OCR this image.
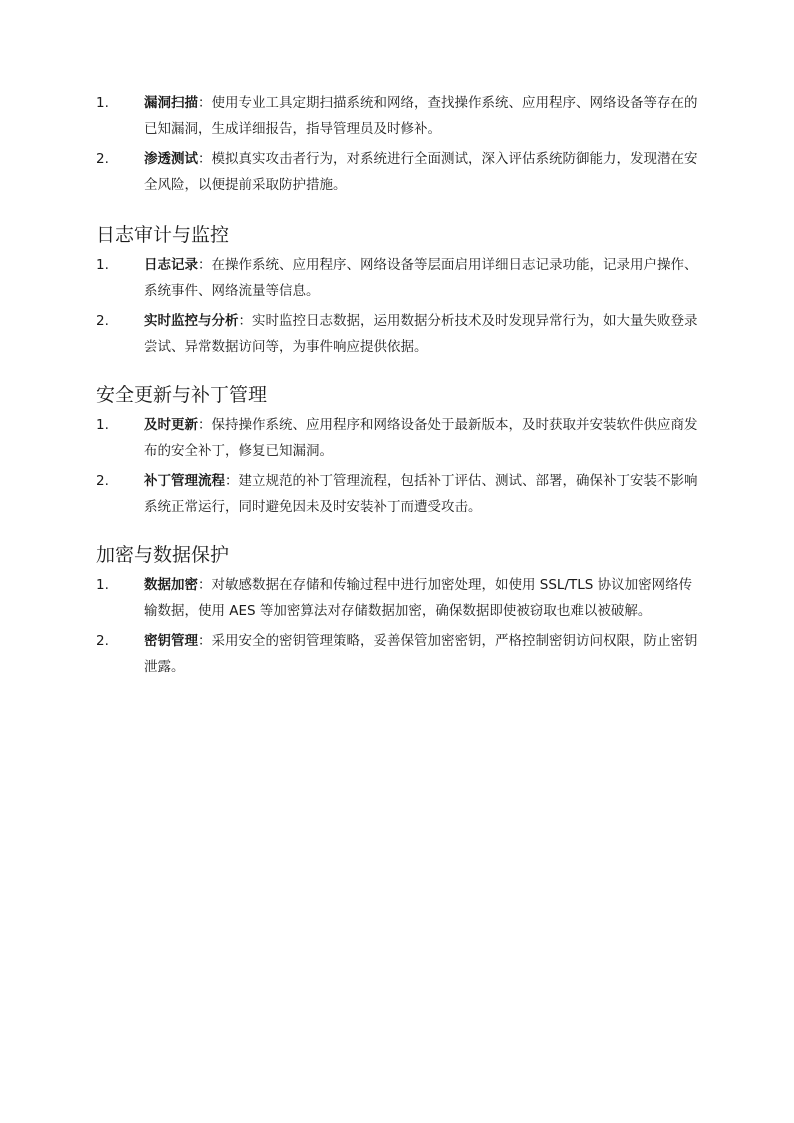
1.	漏洞扫描：使用专业工具定期扫描系统和网络，查找操作系统、应用程序、网络设备等存在的已知漏洞，生成详细报告，指导管理员及时修补。
2.	渗透测试：模拟真实攻击者行为，对系统进行全面测试，深入评估系统防御能力，发现潜在安全风险，以便提前采取防护措施。
日志审计与监控
1.	日志记录：在操作系统、应用程序、网络设备等层面启用详细日志记录功能，记录用户操作、系统事件、网络流量等信息。
2.	实时监控与分析：实时监控日志数据，运用数据分析技术及时发现异常行为，如大量失败登录尝试、异常数据访问等，为事件响应提供依据。
安全更新与补丁管理
1.	及时更新：保持操作系统、应用程序和网络设备处于最新版本，及时获取并安装软件供应商发布的安全补丁，修复已知漏洞。
2.	补丁管理流程：建立规范的补丁管理流程，包括补丁评估、测试、部署，确保补丁安装不影响系统正常运行，同时避免因未及时安装补丁而遭受攻击。
加密与数据保护
1.	数据加密：对敏感数据在存储和传输过程中进行加密处理，如使用 SSL/TLS 协议加密网络传输数据，使用 AES 等加密算法对存储数据加密，确保数据即使被窃取也难以被破解。
2.	密钥管理：采用安全的密钥管理策略，妥善保管加密密钥，严格控制密钥访问权限，防止密钥泄露。
